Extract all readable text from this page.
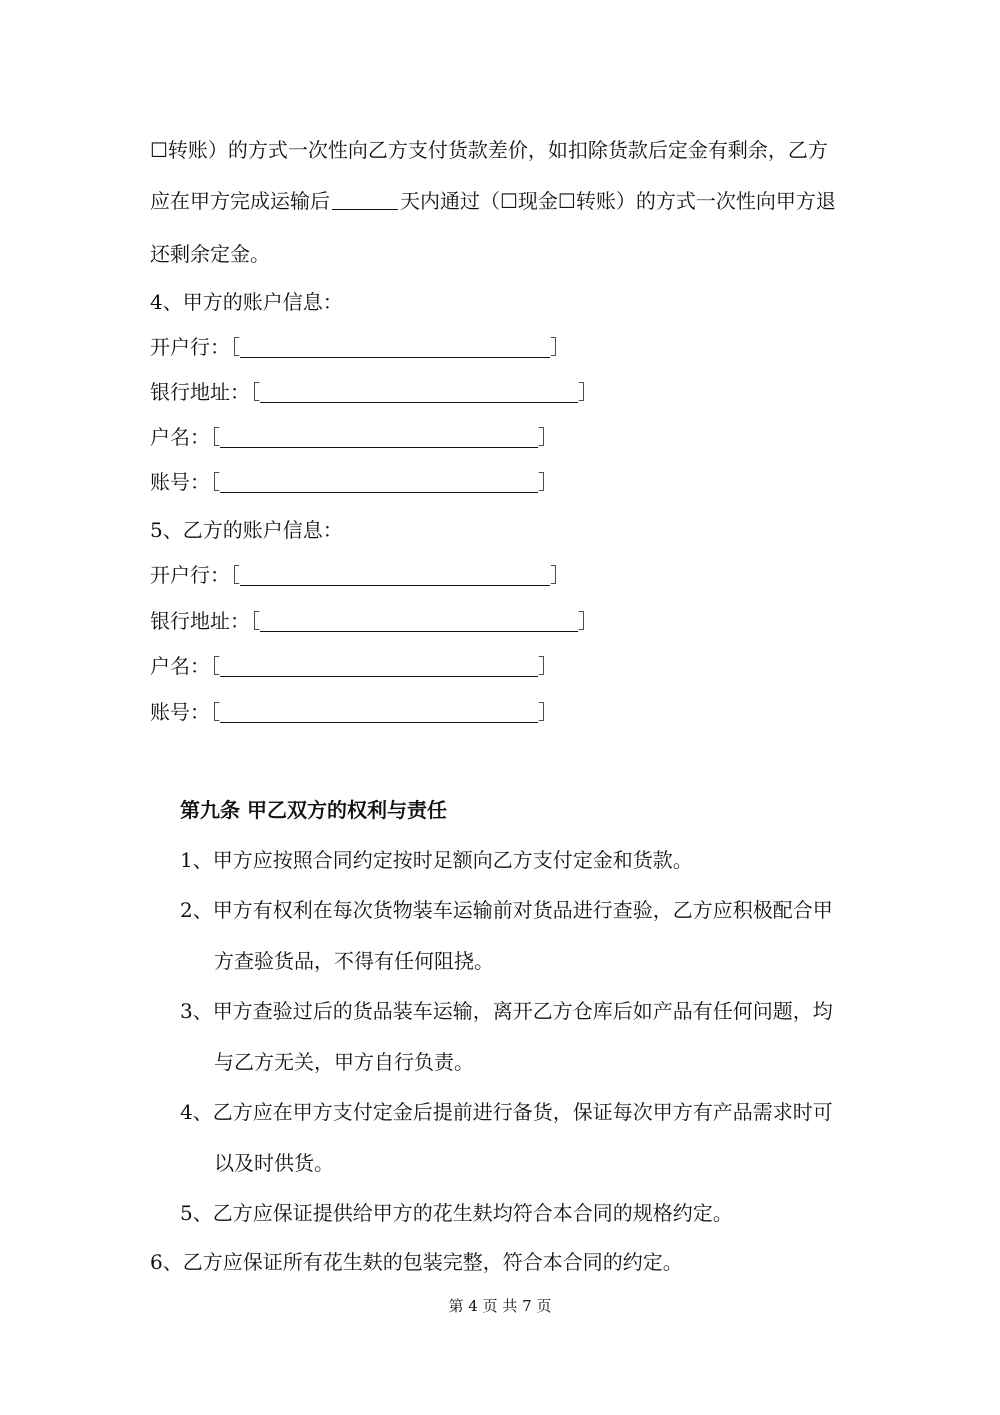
☐转账）的方式一次性向乙方支付货款差价，如扣除货款后定金有剩余，乙方
应在甲方完成运输后	天内通过（☐现金☐转账）的方式一次性向甲方退
还剩余定金。
4、甲方的账户信息：
开户行：［	］
银行地址：［	］
户名：［	］
账号：［	］
5、乙方的账户信息：
开户行：［	］
银行地址：［	］
户名：［	］
账号：［	］
第九条 甲乙双方的权利与责任
1、甲方应按照合同约定按时足额向乙方支付定金和货款。
2、甲方有权利在每次货物装车运输前对货品进行查验，乙方应积极配合甲
方查验货品，不得有任何阻挠。
3、甲方查验过后的货品装车运输，离开乙方仓库后如产品有任何问题，均
与乙方无关，甲方自行负责。
4、乙方应在甲方支付定金后提前进行备货，保证每次甲方有产品需求时可
以及时供货。
5、乙方应保证提供给甲方的花生麸均符合本合同的规格约定。
6、乙方应保证所有花生麸的包装完整，符合本合同的约定。
第 4 页 共 7 页
